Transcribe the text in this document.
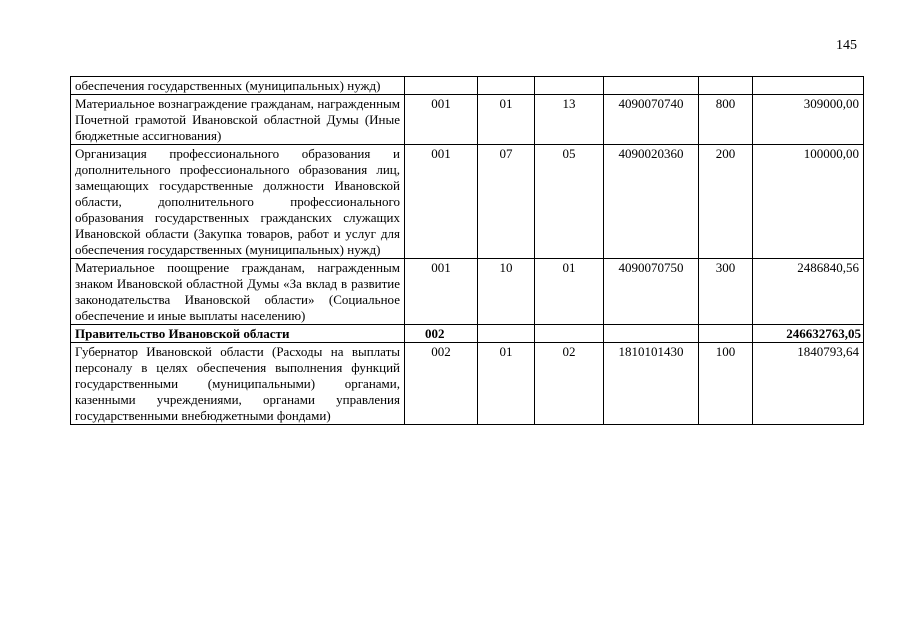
145
обеспечения государственных (муниципальных) нужд)						
Материальное вознаграждение гражданам, награжденным Почетной грамотой Ивановской областной Думы (Иные бюджетные ассигнования)	001	01	13	4090070740	800	309000,00
Организация профессионального образования и дополнительного профессионального образования лиц, замещающих государственные должности Ивановской области, дополнительного профессионального образования государственных гражданских служащих Ивановской области (Закупка товаров, работ и услуг для обеспечения государственных (муниципальных) нужд)	001	07	05	4090020360	200	100000,00
Материальное поощрение гражданам, награжденным знаком Ивановской областной Думы «За вклад в развитие законодательства Ивановской области» (Социальное обеспечение и иные выплаты населению)	001	10	01	4090070750	300	2486840,56
Правительство Ивановской области	002					246632763,05
Губернатор Ивановской области (Расходы на выплаты персоналу в целях обеспечения выполнения функций государственными (муниципальными) органами, казенными учреждениями, органами управления государственными внебюджетными фондами)	002	01	02	1810101430	100	1840793,64
